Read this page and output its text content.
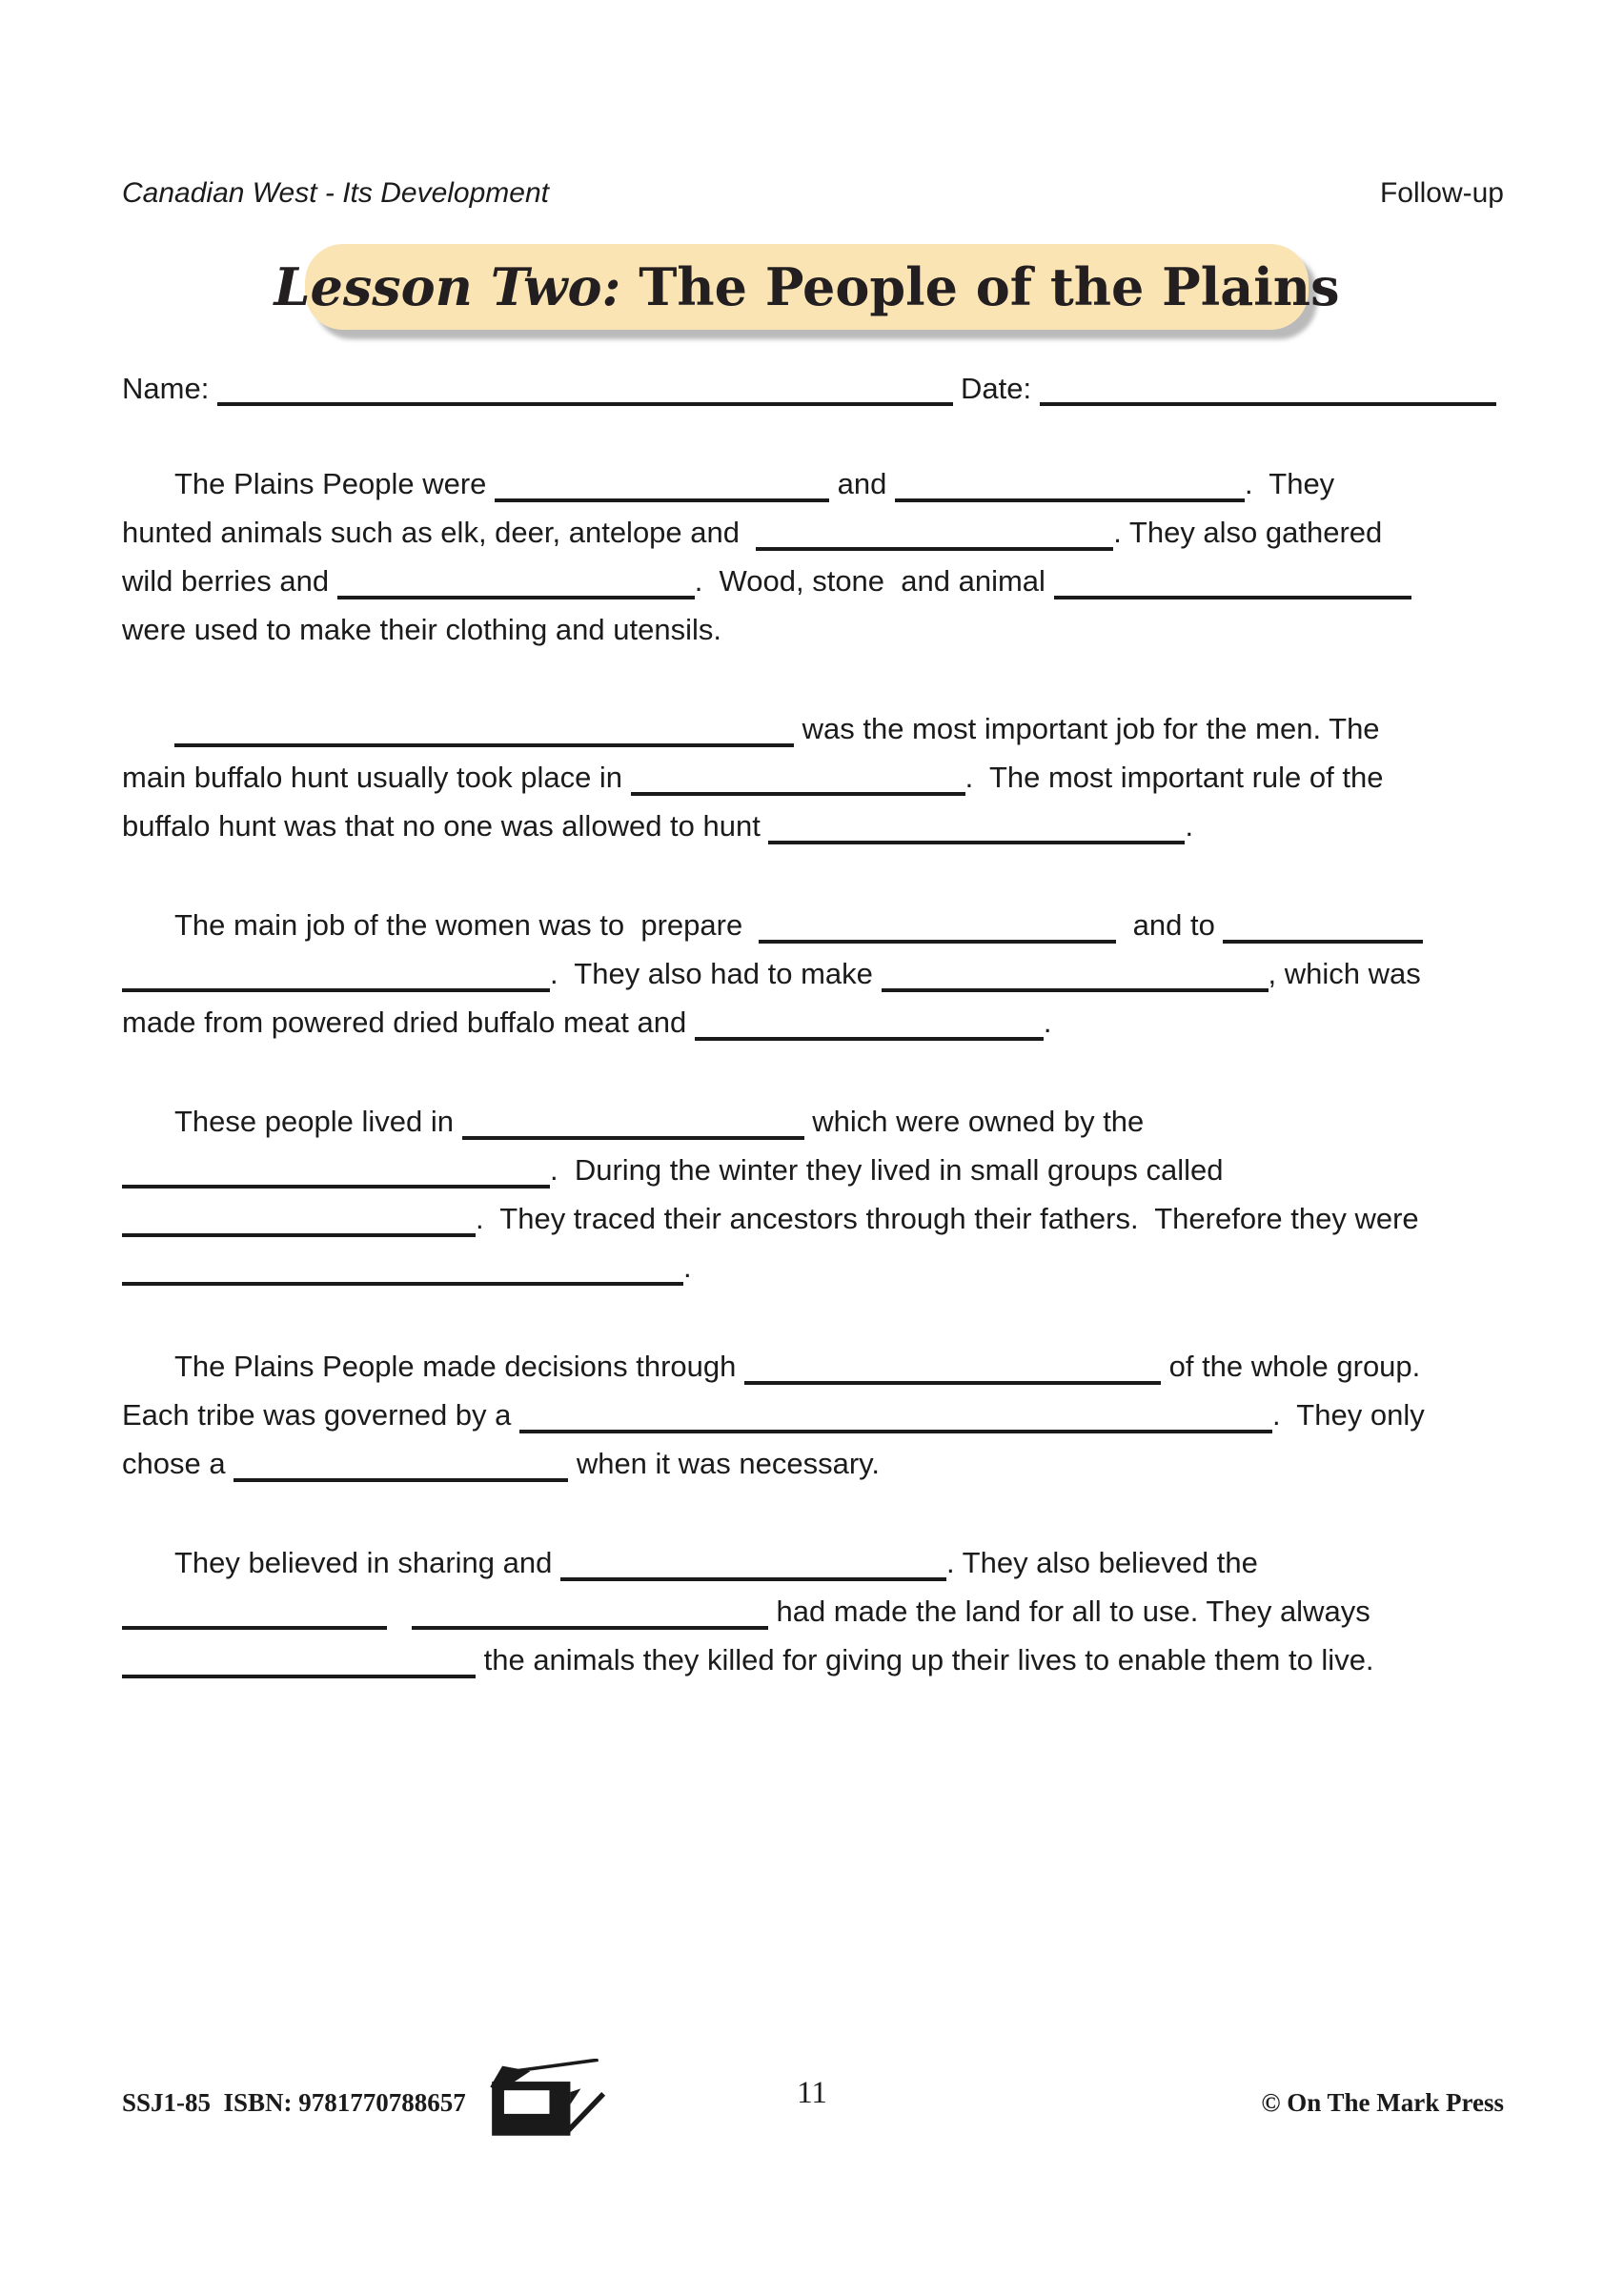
Canadian West - Its Development	Follow-up
Lesson Two: The People of the Plains
Name:	Date:
The Plains People were	and	.  They
hunted animals such as elk, deer, antelope and	. They also gathered
wild berries and	.  Wood, stone  and animal
were used to make their clothing and utensils.
was the most important job for the men. The
main buffalo hunt usually took place in	.  The most important rule of the
buffalo hunt was that no one was allowed to hunt	.
The main job of the women was to  prepare	and to
.  They also had to make	, which was
made from powered dried buffalo meat and	.
These people lived in	which were owned by the
.  During the winter they lived in small groups called
.  They traced their ancestors through their fathers.  Therefore they were
.
The Plains People made decisions through	of the whole group.
Each tribe was governed by a	.  They only
chose a	when it was necessary.
They believed in sharing and	. They also believed the
had made the land for all to use. They always
the animals they killed for giving up their lives to enable them to live.
SSJ1-85  ISBN: 9781770788657	© On The Mark Press
11
